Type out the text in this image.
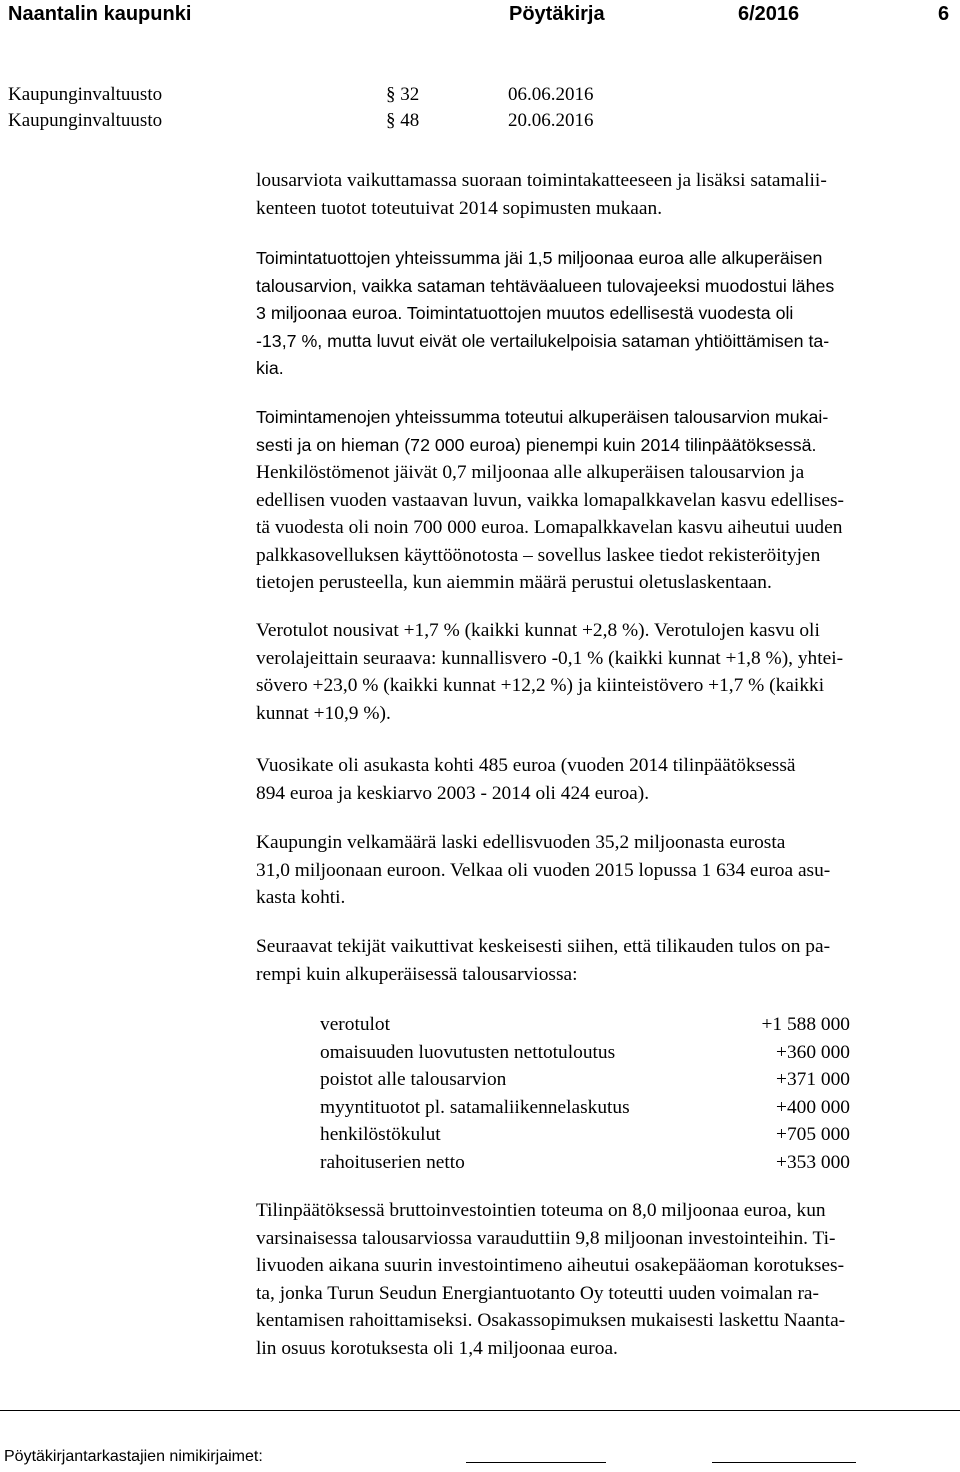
Naantalin kaupunki	Pöytäkirja	6/2016	6
Kaupunginvaltuusto	§ 32	06.06.2016
Kaupunginvaltuusto	§ 48	20.06.2016

lousarviota vaikuttamassa suoraan toimintakatteeseen ja lisäksi satamalii-

kenteen tuotot toteutuivat 2014 sopimusten mukaan.

Toimintatuottojen yhteissumma jäi 1,5 miljoonaa euroa alle alkuperäisen

talousarvion, vaikka sataman tehtäväalueen tulovajeeksi muodostui lähes

3 miljoonaa euroa. Toimintatuottojen muutos edellisestä vuodesta oli

-13,7 %, mutta luvut eivät ole vertailukelpoisia sataman yhtiöittämisen ta-

kia.

Toimintamenojen yhteissumma toteutui alkuperäisen talousarvion mukai-

sesti ja on hieman (72 000 euroa) pienempi kuin 2014 tilinpäätöksessä.

Henkilöstömenot jäivät 0,7 miljoonaa alle alkuperäisen talousarvion ja

edellisen vuoden vastaavan luvun, vaikka lomapalkkavelan kasvu edellises-

tä vuodesta oli noin 700 000 euroa. Lomapalkkavelan kasvu aiheutui uuden

palkkasovelluksen käyttöönotosta – sovellus laskee tiedot rekisteröityjen

tietojen perusteella, kun aiemmin määrä perustui oletuslaskentaan.

Verotulot nousivat +1,7 % (kaikki kunnat +2,8 %). Verotulojen kasvu oli

verolajeittain seuraava: kunnallisvero -0,1 % (kaikki kunnat +1,8 %), yhtei-

sövero +23,0 % (kaikki kunnat +12,2 %) ja kiinteistövero +1,7 % (kaikki

kunnat +10,9 %).

Vuosikate oli asukasta kohti 485 euroa (vuoden 2014 tilinpäätöksessä

894 euroa ja keskiarvo 2003 - 2014 oli 424 euroa).

Kaupungin velkamäärä laski edellisvuoden 35,2 miljoonasta eurosta

31,0 miljoonaan euroon. Velkaa oli vuoden 2015 lopussa 1 634 euroa asu-

kasta kohti.

Seuraavat tekijät vaikuttivat keskeisesti siihen, että tilikauden tulos on pa-

rempi kuin alkuperäisessä talousarviossa:

verotulot	+1 588 000
omaisuuden luovutusten nettotuloutus	+360 000
poistot alle talousarvion	+371 000
myyntituotot pl. satamaliikennelaskutus	+400 000
henkilöstökulut	+705 000
rahoituserien netto	+353 000

Tilinpäätöksessä bruttoinvestointien toteuma on 8,0 miljoonaa euroa, kun

varsinaisessa talousarviossa varauduttiin 9,8 miljoonan investointeihin. Ti-

livuoden aikana suurin investointimeno aiheutui osakepääoman korotukses-

ta, jonka Turun Seudun Energiantuotanto Oy toteutti uuden voimalan ra-

kentamisen rahoittamiseksi. Osakassopimuksen mukaisesti laskettu Naanta-

lin osuus korotuksesta oli 1,4 miljoonaa euroa.

Pöytäkirjantarkastajien nimikirjaimet:
